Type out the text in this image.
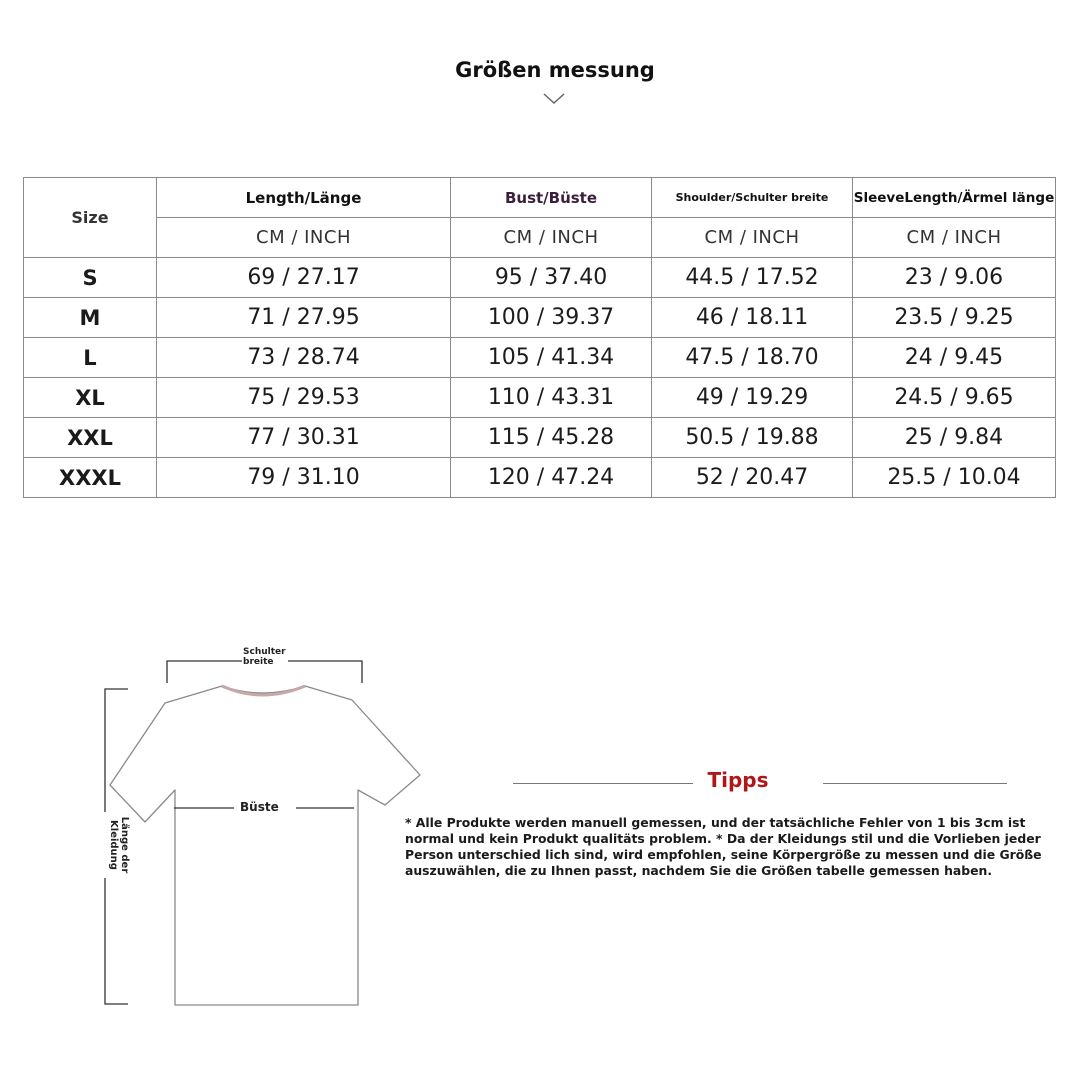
Größen messung
Size	Length/Länge	Bust/Büste	Shoulder/Schulter breite	SleeveLength/Ärmel länge
	CM / INCH	CM / INCH	CM / INCH	CM / INCH
S	69 / 27.17	95 / 37.40	44.5 / 17.52	23 / 9.06
M	71 / 27.95	100 / 39.37	46 / 18.11	23.5 / 9.25
L	73 / 28.74	105 / 41.34	47.5 / 18.70	24 / 9.45
XL	75 / 29.53	110 / 43.31	49 / 19.29	24.5 / 9.65
XXL	77 / 30.31	115 / 45.28	50.5 / 19.88	25 / 9.84
XXXL	79 / 31.10	120 / 47.24	52 / 20.47	25.5 / 10.04
Schulter breite
Büste
Länge der Kleidung
Tipps
* Alle Produkte werden manuell gemessen, und der tatsächliche Fehler von 1 bis 3cm ist normal und kein Produkt qualitäts problem. * Da der Kleidungs stil und die Vorlieben jeder Person unterschied lich sind, wird empfohlen, seine Körpergröße zu messen und die Größe auszuwählen, die zu Ihnen passt, nachdem Sie die Größen tabelle gemessen haben.
